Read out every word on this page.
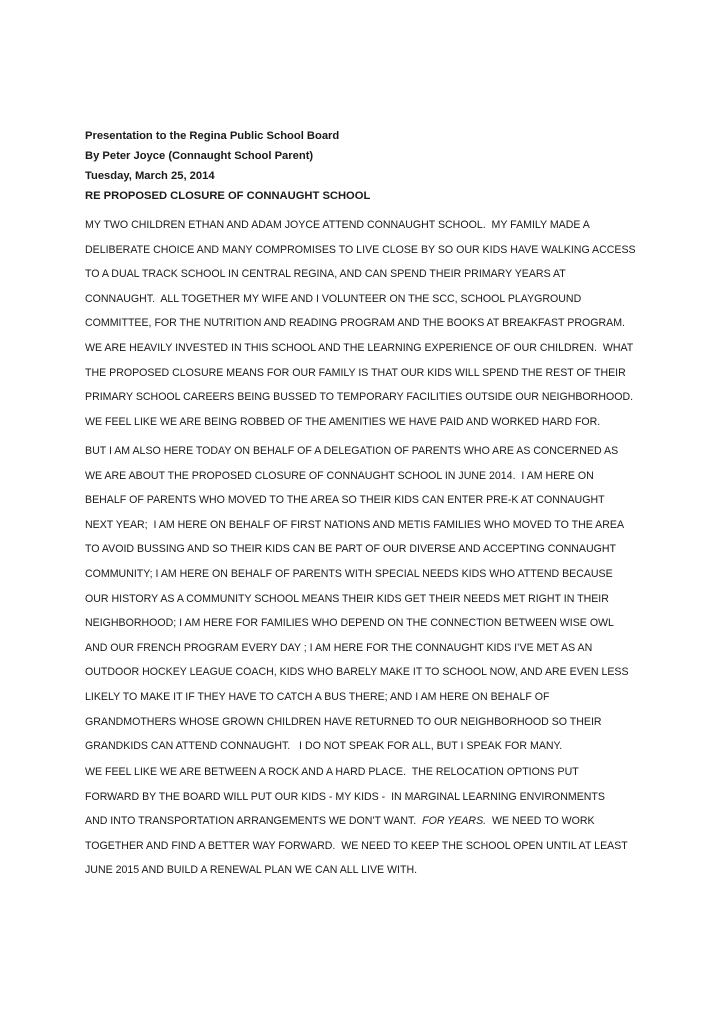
Presentation to the Regina Public School Board
By Peter Joyce (Connaught School Parent)
Tuesday, March 25, 2014
RE PROPOSED CLOSURE OF CONNAUGHT SCHOOL
MY TWO CHILDREN ETHAN AND ADAM JOYCE ATTEND CONNAUGHT SCHOOL.  MY FAMILY MADE A
DELIBERATE CHOICE AND MANY COMPROMISES TO LIVE CLOSE BY SO OUR KIDS HAVE WALKING ACCESS
TO A DUAL TRACK SCHOOL IN CENTRAL REGINA, AND CAN SPEND THEIR PRIMARY YEARS AT
CONNAUGHT.  ALL TOGETHER MY WIFE AND I VOLUNTEER ON THE SCC, SCHOOL PLAYGROUND
COMMITTEE, FOR THE NUTRITION AND READING PROGRAM AND THE BOOKS AT BREAKFAST PROGRAM.
WE ARE HEAVILY INVESTED IN THIS SCHOOL AND THE LEARNING EXPERIENCE OF OUR CHILDREN.  WHAT
THE PROPOSED CLOSURE MEANS FOR OUR FAMILY IS THAT OUR KIDS WILL SPEND THE REST OF THEIR
PRIMARY SCHOOL CAREERS BEING BUSSED TO TEMPORARY FACILITIES OUTSIDE OUR NEIGHBORHOOD.
WE FEEL LIKE WE ARE BEING ROBBED OF THE AMENITIES WE HAVE PAID AND WORKED HARD FOR.
BUT I AM ALSO HERE TODAY ON BEHALF OF A DELEGATION OF PARENTS WHO ARE AS CONCERNED AS
WE ARE ABOUT THE PROPOSED CLOSURE OF CONNAUGHT SCHOOL IN JUNE 2014.  I AM HERE ON
BEHALF OF PARENTS WHO MOVED TO THE AREA SO THEIR KIDS CAN ENTER PRE-K AT CONNAUGHT
NEXT YEAR;  I AM HERE ON BEHALF OF FIRST NATIONS AND METIS FAMILIES WHO MOVED TO THE AREA
TO AVOID BUSSING AND SO THEIR KIDS CAN BE PART OF OUR DIVERSE AND ACCEPTING CONNAUGHT
COMMUNITY; I AM HERE ON BEHALF OF PARENTS WITH SPECIAL NEEDS KIDS WHO ATTEND BECAUSE
OUR HISTORY AS A COMMUNITY SCHOOL MEANS THEIR KIDS GET THEIR NEEDS MET RIGHT IN THEIR
NEIGHBORHOOD; I AM HERE FOR FAMILIES WHO DEPEND ON THE CONNECTION BETWEEN WISE OWL
AND OUR FRENCH PROGRAM EVERY DAY ; I AM HERE FOR THE CONNAUGHT KIDS I’VE MET AS AN
OUTDOOR HOCKEY LEAGUE COACH, KIDS WHO BARELY MAKE IT TO SCHOOL NOW, AND ARE EVEN LESS
LIKELY TO MAKE IT IF THEY HAVE TO CATCH A BUS THERE; AND I AM HERE ON BEHALF OF
GRANDMOTHERS WHOSE GROWN CHILDREN HAVE RETURNED TO OUR NEIGHBORHOOD SO THEIR
GRANDKIDS CAN ATTEND CONNAUGHT.   I DO NOT SPEAK FOR ALL, BUT I SPEAK FOR MANY.
WE FEEL LIKE WE ARE BETWEEN A ROCK AND A HARD PLACE.  THE RELOCATION OPTIONS PUT
FORWARD BY THE BOARD WILL PUT OUR KIDS - MY KIDS -  IN MARGINAL LEARNING ENVIRONMENTS
AND INTO TRANSPORTATION ARRANGEMENTS WE DON'T WANT.  FOR YEARS.  WE NEED TO WORK
TOGETHER AND FIND A BETTER WAY FORWARD.  WE NEED TO KEEP THE SCHOOL OPEN UNTIL AT LEAST
JUNE 2015 AND BUILD A RENEWAL PLAN WE CAN ALL LIVE WITH.
